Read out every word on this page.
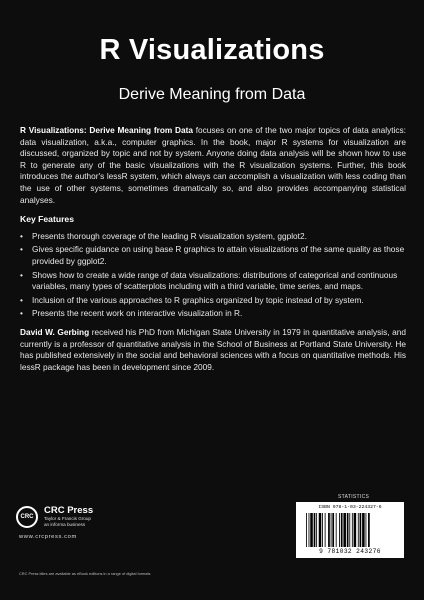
R Visualizations
Derive Meaning from Data

R Visualizations: Derive Meaning from Data focuses on one of the two major topics of data analytics: data visualization, a.k.a., computer graphics. In the book, major R systems for visualization are discussed, organized by topic and not by system. Anyone doing data analysis will be shown how to use R to generate any of the basic visualizations with the R visualization systems. Further, this book introduces the author's lessR system, which always can accomplish a visualization with less coding than the use of other systems, sometimes dramatically so, and also provides accompanying statistical analyses.

Key Features
• Presents thorough coverage of the leading R visualization system, ggplot2.
• Gives specific guidance on using base R graphics to attain visualizations of the same quality as those provided by ggplot2.
• Shows how to create a wide range of data visualizations: distributions of categorical and continuous variables, many types of scatterplots including with a third variable, time series, and maps.
• Inclusion of the various approaches to R graphics organized by topic instead of by system.
• Presents the recent work on interactive visualization in R.

David W. Gerbing received his PhD from Michigan State University in 1979 in quantitative analysis, and currently is a professor of quantitative analysis in the School of Business at Portland State University. He has published extensively in the social and behavioral sciences with a focus on quantitative methods. His lessR package has been in development since 2009.

CRC
CRC Press
Taylor & Francis Group
an informa business
www.crcpress.com
CRC Press titles are available as eBook editions in a range of digital formats
STATISTICS
ISBN 978-1-03-224327-6
9 781032 243276
